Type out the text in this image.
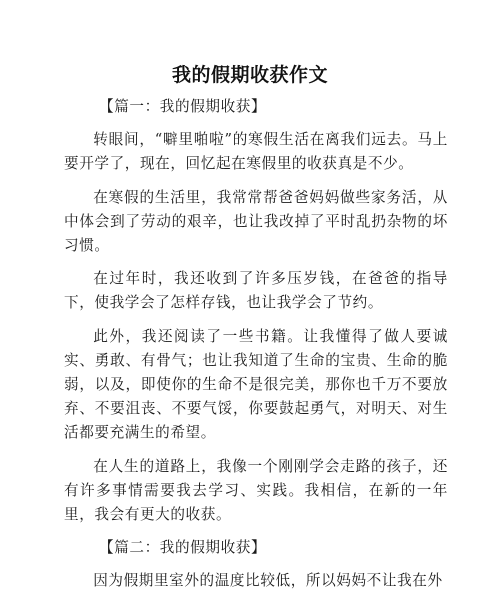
我的假期收获作文

【篇一：我的假期收获】

转眼间，“噼里啪啦”的寒假生活在离我们远去。马上要开学了，现在，回忆起在寒假里的收获真是不少。

在寒假的生活里，我常常帮爸爸妈妈做些家务活，从中体会到了劳动的艰辛，也让我改掉了平时乱扔杂物的坏习惯。

在过年时，我还收到了许多压岁钱，在爸爸的指导下，使我学会了怎样存钱，也让我学会了节约。

此外，我还阅读了一些书籍。让我懂得了做人要诚实、勇敢、有骨气；也让我知道了生命的宝贵、生命的脆弱，以及，即使你的生命不是很完美，那你也千万不要放弃、不要沮丧、不要气馁，你要鼓起勇气，对明天、对生活都要充满生的希望。

在人生的道路上，我像一个刚刚学会走路的孩子，还有许多事情需要我去学习、实践。我相信，在新的一年里，我会有更大的收获。

【篇二：我的假期收获】

因为假期里室外的温度比较低，所以妈妈不让我在外
